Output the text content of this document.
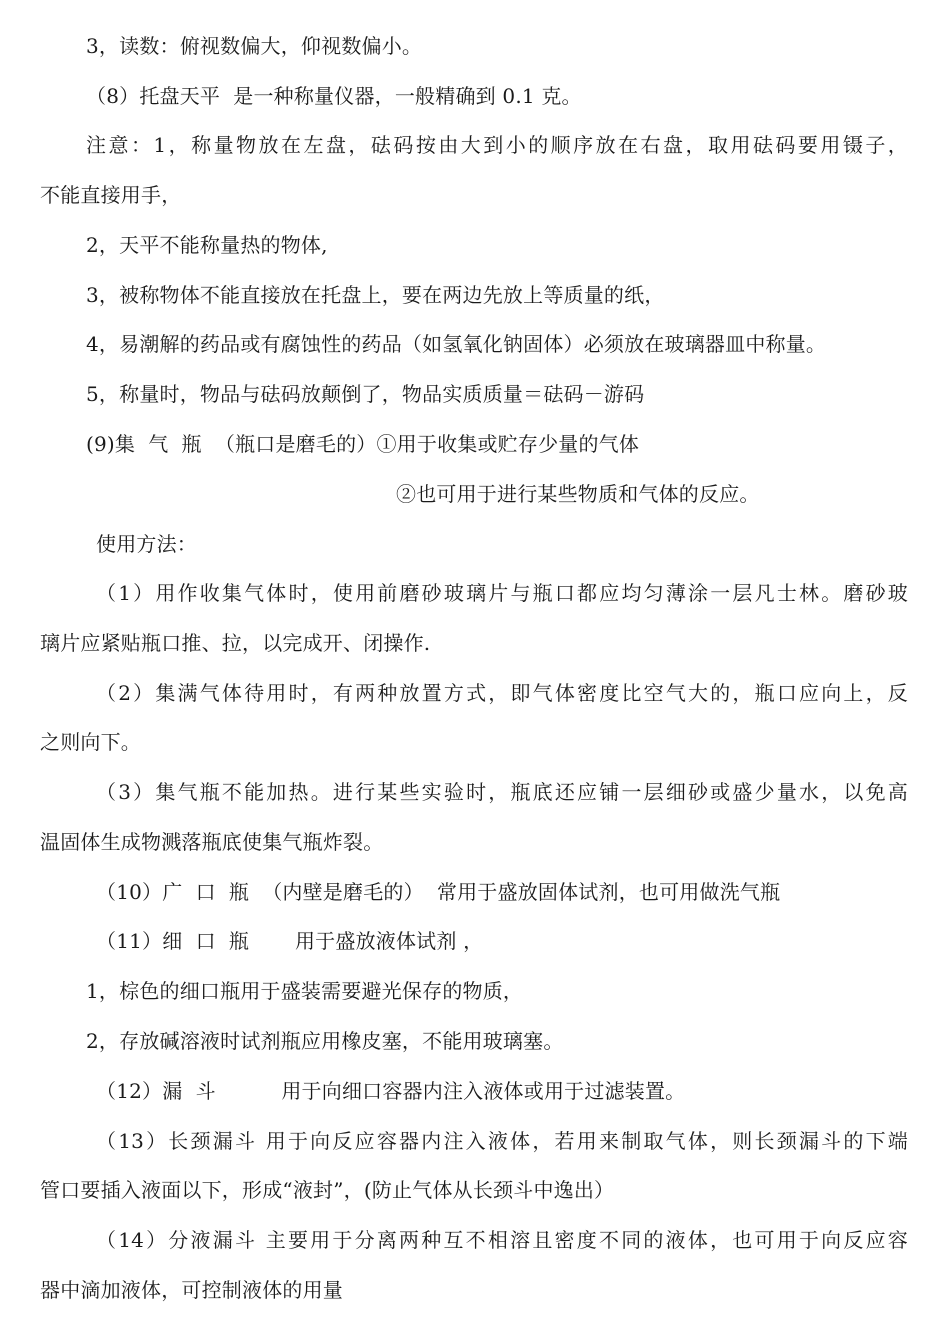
3，读数：俯视数偏大，仰视数偏小。
（8）托盘天平  是一种称量仪器，一般精确到 0.1 克。
注意：1，称量物放在左盘，砝码按由大到小的顺序放在右盘，取用砝码要用镊子，
不能直接用手，
2，天平不能称量热的物体,
3，被称物体不能直接放在托盘上，要在两边先放上等质量的纸，
4，易潮解的药品或有腐蚀性的药品（如氢氧化钠固体）必须放在玻璃器皿中称量。
5，称量时，物品与砝码放颠倒了，物品实质质量＝砝码－游码
(9)集  气  瓶  （瓶口是磨毛的）①用于收集或贮存少量的气体
②也可用于进行某些物质和气体的反应。
使用方法：
（1）用作收集气体时，使用前磨砂玻璃片与瓶口都应均匀薄涂一层凡士林。磨砂玻
璃片应紧贴瓶口推、拉，以完成开、闭操作.
（2）集满气体待用时，有两种放置方式，即气体密度比空气大的，瓶口应向上，反
之则向下。
（3）集气瓶不能加热。进行某些实验时，瓶底还应铺一层细砂或盛少量水，以免高
温固体生成物溅落瓶底使集气瓶炸裂。
（10）广  口  瓶  （内壁是磨毛的）  常用于盛放固体试剂，也可用做洗气瓶
（11）细  口  瓶       用于盛放液体试剂 ，
1，棕色的细口瓶用于盛装需要避光保存的物质，
2，存放碱溶液时试剂瓶应用橡皮塞，不能用玻璃塞。
（12）漏  斗          用于向细口容器内注入液体或用于过滤装置。
（13）长颈漏斗 用于向反应容器内注入液体，若用来制取气体，则长颈漏斗的下端
管口要插入液面以下，形成“液封”，(防止气体从长颈斗中逸出）
（14）分液漏斗 主要用于分离两种互不相溶且密度不同的液体，也可用于向反应容
器中滴加液体，可控制液体的用量
